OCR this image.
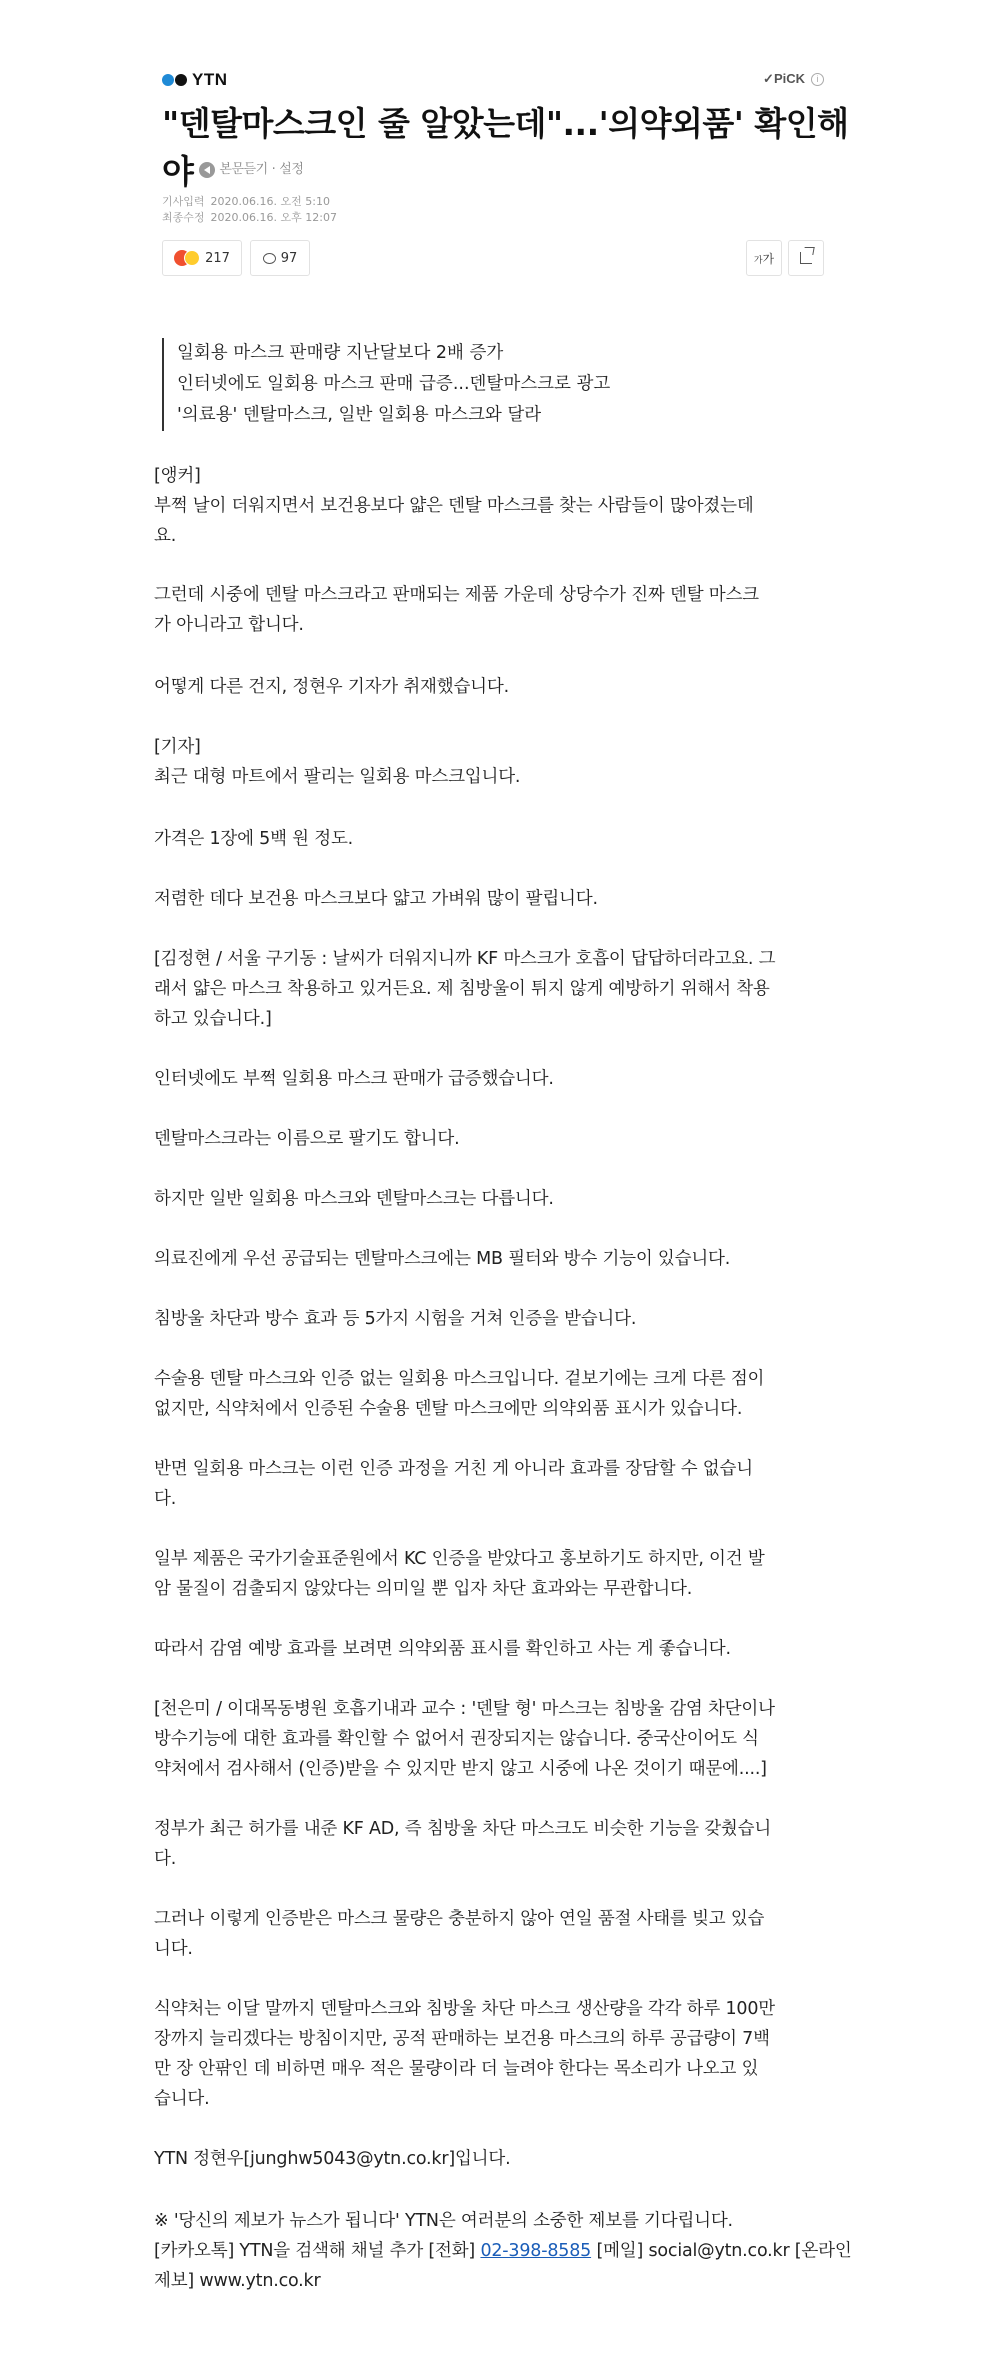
YTN	✓PiCK	i
"덴탈마스크인 줄 알았는데"...'의약외품' 확인해야 본문듣기 · 설정
기사입력 2020.06.16. 오전 5:10
최종수정 2020.06.16. 오후 12:07
217	97	가가
일회용 마스크 판매량 지난달보다 2배 증가
인터넷에도 일회용 마스크 판매 급증...덴탈마스크로 광고
'의료용' 덴탈마스크, 일반 일회용 마스크와 달라

[앵커]
부쩍 날이 더워지면서 보건용보다 얇은 덴탈 마스크를 찾는 사람들이 많아졌는데
요.

그런데 시중에 덴탈 마스크라고 판매되는 제품 가운데 상당수가 진짜 덴탈 마스크
가 아니라고 합니다.

어떻게 다른 건지, 정현우 기자가 취재했습니다.

[기자]
최근 대형 마트에서 팔리는 일회용 마스크입니다.

가격은 1장에 5백 원 정도.

저렴한 데다 보건용 마스크보다 얇고 가벼워 많이 팔립니다.

[김정현 / 서울 구기동 : 날씨가 더워지니까 KF 마스크가 호흡이 답답하더라고요. 그
래서 얇은 마스크 착용하고 있거든요. 제 침방울이 튀지 않게 예방하기 위해서 착용
하고 있습니다.]

인터넷에도 부쩍 일회용 마스크 판매가 급증했습니다.

덴탈마스크라는 이름으로 팔기도 합니다.

하지만 일반 일회용 마스크와 덴탈마스크는 다릅니다.

의료진에게 우선 공급되는 덴탈마스크에는 MB 필터와 방수 기능이 있습니다.

침방울 차단과 방수 효과 등 5가지 시험을 거쳐 인증을 받습니다.

수술용 덴탈 마스크와 인증 없는 일회용 마스크입니다. 겉보기에는 크게 다른 점이
없지만, 식약처에서 인증된 수술용 덴탈 마스크에만 의약외품 표시가 있습니다.

반면 일회용 마스크는 이런 인증 과정을 거친 게 아니라 효과를 장담할 수 없습니
다.

일부 제품은 국가기술표준원에서 KC 인증을 받았다고 홍보하기도 하지만, 이건 발
암 물질이 검출되지 않았다는 의미일 뿐 입자 차단 효과와는 무관합니다.

따라서 감염 예방 효과를 보려면 의약외품 표시를 확인하고 사는 게 좋습니다.

[천은미 / 이대목동병원 호흡기내과 교수 : '덴탈 형' 마스크는 침방울 감염 차단이나
방수기능에 대한 효과를 확인할 수 없어서 권장되지는 않습니다. 중국산이어도 식
약처에서 검사해서 (인증)받을 수 있지만 받지 않고 시중에 나온 것이기 때문에....]

정부가 최근 허가를 내준 KF AD, 즉 침방울 차단 마스크도 비슷한 기능을 갖췄습니
다.

그러나 이렇게 인증받은 마스크 물량은 충분하지 않아 연일 품절 사태를 빚고 있습
니다.

식약처는 이달 말까지 덴탈마스크와 침방울 차단 마스크 생산량을 각각 하루 100만
장까지 늘리겠다는 방침이지만, 공적 판매하는 보건용 마스크의 하루 공급량이 7백
만 장 안팎인 데 비하면 매우 적은 물량이라 더 늘려야 한다는 목소리가 나오고 있
습니다.

YTN 정현우[junghw5043@ytn.co.kr]입니다.

※ '당신의 제보가 뉴스가 됩니다' YTN은 여러분의 소중한 제보를 기다립니다.
[카카오톡] YTN을 검색해 채널 추가 [전화] 02-398-8585 [메일] social@ytn.co.kr [온라인 제보] www.ytn.co.kr
